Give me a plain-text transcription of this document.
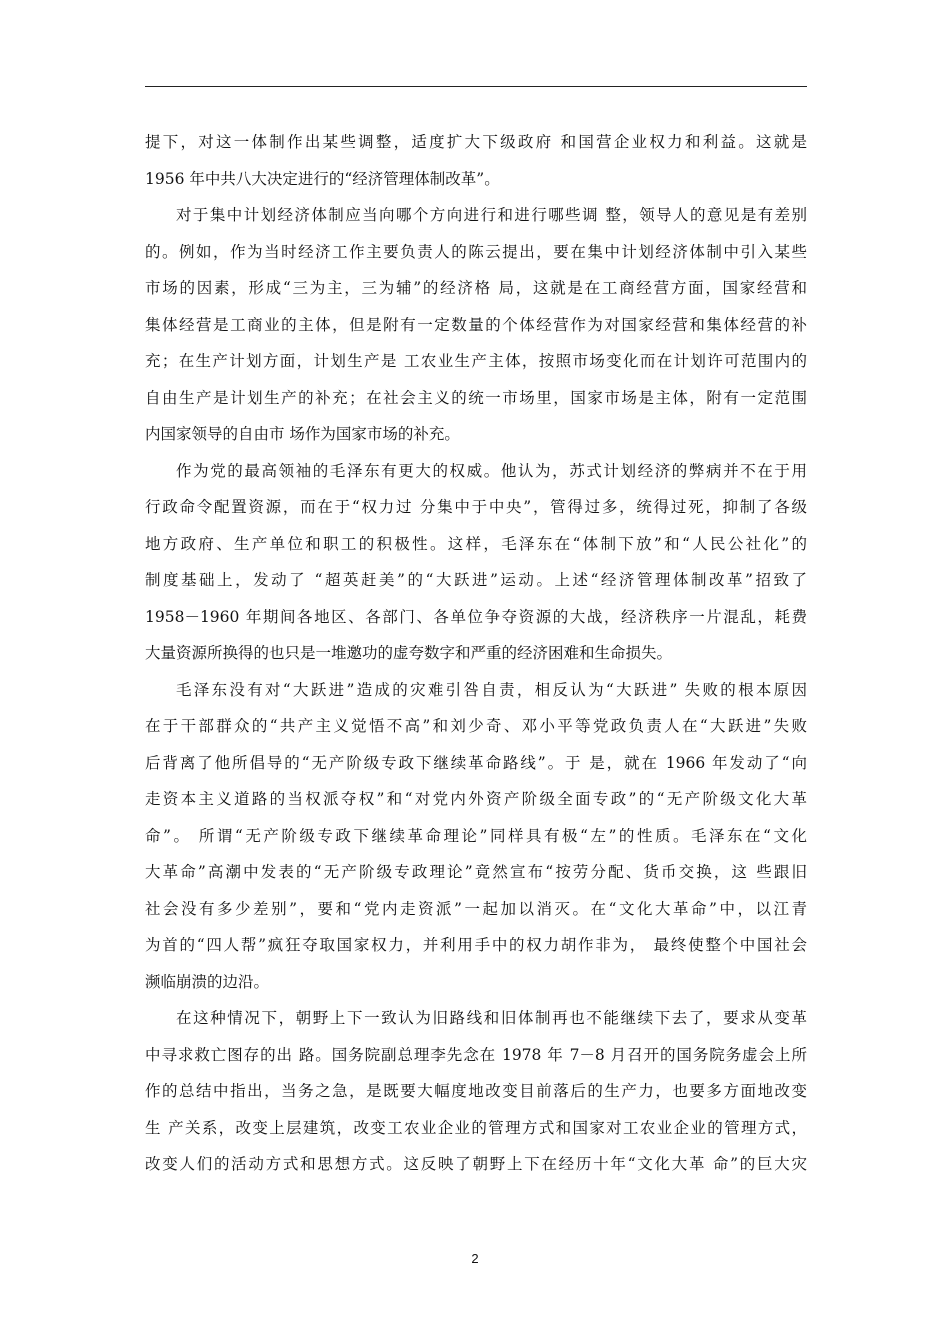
提下，对这一体制作出某些调整，适度扩大下级政府 和国营企业权力和利益。这就是
1956 年中共八大决定进行的“经济管理体制改革”。
对于集中计划经济体制应当向哪个方向进行和进行哪些调 整，领导人的意见是有差别
的。例如，作为当时经济工作主要负责人的陈云提出，要在集中计划经济体制中引入某些
市场的因素，形成“三为主，三为辅”的经济格 局，这就是在工商经营方面，国家经营和
集体经营是工商业的主体，但是附有一定数量的个体经营作为对国家经营和集体经营的补
充；在生产计划方面，计划生产是 工农业生产主体，按照市场变化而在计划许可范围内的
自由生产是计划生产的补充；在社会主义的统一市场里，国家市场是主体，附有一定范围
内国家领导的自由市 场作为国家市场的补充。
作为党的最高领袖的毛泽东有更大的权威。他认为，苏式计划经济的弊病并不在于用
行政命令配置资源，而在于“权力过 分集中于中央”，管得过多，统得过死，抑制了各级
地方政府、生产单位和职工的积极性。这样，毛泽东在“体制下放”和“人民公社化”的
制度基础上，发动了 “超英赶美”的“大跃进”运动。上述“经济管理体制改革”招致了
1958－1960 年期间各地区、各部门、各单位争夺资源的大战，经济秩序一片混乱，耗费
大量资源所换得的也只是一堆邀功的虚夸数字和严重的经济困难和生命损失。
毛泽东没有对“大跃进”造成的灾难引咎自责，相反认为“大跃进” 失败的根本原因
在于干部群众的“共产主义觉悟不高”和刘少奇、邓小平等党政负责人在“大跃进”失败
后背离了他所倡导的“无产阶级专政下继续革命路线”。于 是，就在 1966 年发动了“向
走资本主义道路的当权派夺权”和“对党内外资产阶级全面专政”的“无产阶级文化大革
命”。 所谓“无产阶级专政下继续革命理论”同样具有极“左”的性质。毛泽东在“文化
大革命”高潮中发表的“无产阶级专政理论”竟然宣布“按劳分配、货币交换，这 些跟旧
社会没有多少差别”，要和“党内走资派”一起加以消灭。在“文化大革命”中，以江青
为首的“四人帮”疯狂夺取国家权力，并利用手中的权力胡作非为， 最终使整个中国社会
濒临崩溃的边沿。
在这种情况下，朝野上下一致认为旧路线和旧体制再也不能继续下去了，要求从变革
中寻求救亡图存的出 路。国务院副总理李先念在 1978 年 7－8 月召开的国务院务虚会上所
作的总结中指出，当务之急，是既要大幅度地改变目前落后的生产力，也要多方面地改变
生 产关系，改变上层建筑，改变工农业企业的管理方式和国家对工农业企业的管理方式，
改变人们的活动方式和思想方式。这反映了朝野上下在经历十年“文化大革 命”的巨大灾
2
